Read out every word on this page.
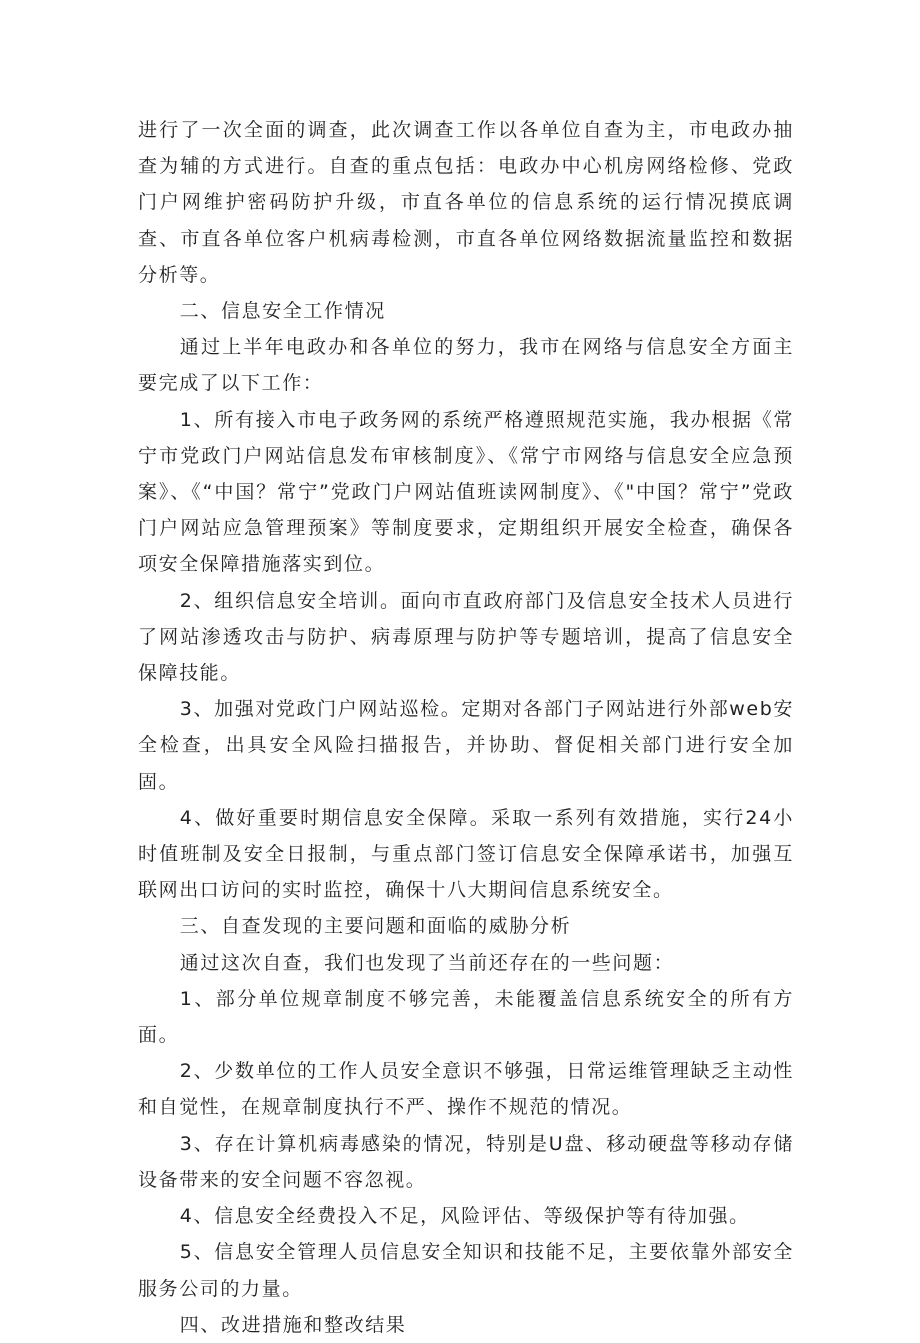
进行了一次全面的调查，此次调查工作以各单位自查为主，市电政办抽查为辅的方式进行。自查的重点包括：电政办中心机房网络检修、党政门户网维护密码防护升级，市直各单位的信息系统的运行情况摸底调查、市直各单位客户机病毒检测，市直各单位网络数据流量监控和数据分析等。

二、信息安全工作情况

通过上半年电政办和各单位的努力，我市在网络与信息安全方面主要完成了以下工作：

1、所有接入市电子政务网的系统严格遵照规范实施，我办根据《常宁市党政门户网站信息发布审核制度》、《常宁市网络与信息安全应急预案》、《“中国？常宁”党政门户网站值班读网制度》、《"中国？常宁”党政门户网站应急管理预案》等制度要求，定期组织开展安全检查，确保各项安全保障措施落实到位。

2、组织信息安全培训。面向市直政府部门及信息安全技术人员进行了网站渗透攻击与防护、病毒原理与防护等专题培训，提高了信息安全保障技能。

3、加强对党政门户网站巡检。定期对各部门子网站进行外部web安全检查，出具安全风险扫描报告，并协助、督促相关部门进行安全加固。

4、做好重要时期信息安全保障。采取一系列有效措施，实行24小时值班制及安全日报制，与重点部门签订信息安全保障承诺书，加强互联网出口访问的实时监控，确保十八大期间信息系统安全。

三、自查发现的主要问题和面临的威胁分析

通过这次自查，我们也发现了当前还存在的一些问题：

1、部分单位规章制度不够完善，未能覆盖信息系统安全的所有方面。

2、少数单位的工作人员安全意识不够强，日常运维管理缺乏主动性和自觉性，在规章制度执行不严、操作不规范的情况。

3、存在计算机病毒感染的情况，特别是U盘、移动硬盘等移动存储设备带来的安全问题不容忽视。

4、信息安全经费投入不足，风险评估、等级保护等有待加强。

5、信息安全管理人员信息安全知识和技能不足，主要依靠外部安全服务公司的力量。

四、改进措施和整改结果
